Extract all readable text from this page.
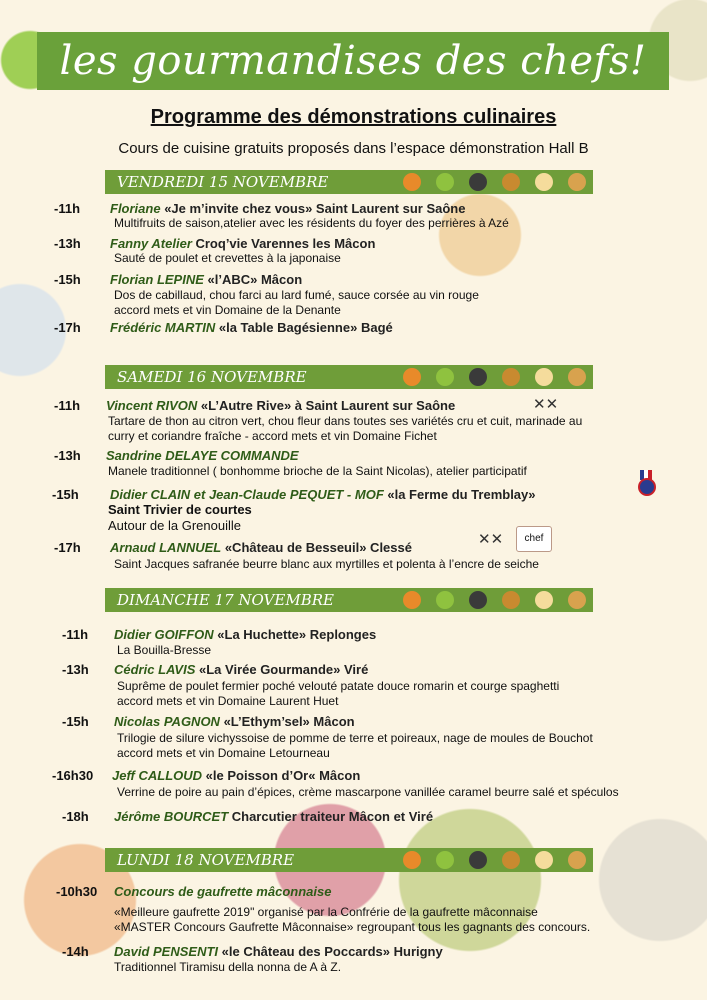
les gourmandises des chefs!
Programme des démonstrations culinaires
Cours de cuisine gratuits proposés dans l’espace démonstration Hall B
VENDREDI 15 NOVEMBRE
SAMEDI 16 NOVEMBRE
DIMANCHE 17 NOVEMBRE
LUNDI 18 NOVEMBRE
-11h Floriane «Je m’invite chez vous» Saint Laurent sur Saône
Multifruits de saison,atelier avec les résidents du foyer des perrières à Azé
-13h Fanny Atelier Croq’vie Varennes les Mâcon
Sauté de poulet et crevettes à la japonaise
-15h Florian LEPINE «l’ABC» Mâcon
Dos de cabillaud, chou farci au lard fumé, sauce corsée au vin rouge
accord mets et vin Domaine de la Denante
-17h Frédéric MARTIN «la Table Bagésienne» Bagé
-11h Vincent RIVON «L’Autre Rive» à Saint Laurent sur Saône	✕✕
Tartare de thon au citron vert, chou fleur dans toutes ses variétés cru et cuit, marinade au
curry et coriandre fraîche - accord mets et vin Domaine Fichet
-13h Sandrine DELAYE COMMANDE
Manele traditionnel ( bonhomme brioche de la Saint Nicolas), atelier participatif
-15h Didier CLAIN et Jean-Claude PEQUET - MOF «la Ferme du Tremblay»
Saint Trivier de courtes
Autour de la Grenouille
-17h Arnaud LANNUEL «Château de Besseuil» Clessé	✕✕	chef
Saint Jacques safranée beurre blanc aux myrtilles et polenta à l’encre de seiche
-11h Didier GOIFFON «La Huchette» Replonges
La Bouilla-Bresse
-13h Cédric LAVIS «La Virée Gourmande» Viré
Suprême de poulet fermier poché velouté patate douce romarin et courge spaghetti
accord mets et vin Domaine Laurent Huet
-15h Nicolas PAGNON «L’Ethym’sel» Mâcon
Trilogie de silure vichyssoise de pomme de terre et poireaux, nage de moules de Bouchot
accord mets et vin Domaine Letourneau
-16h30 Jeff CALLOUD «le Poisson d’Or« Mâcon
Verrine de poire au pain d’épices, crème mascarpone vanillée caramel beurre salé et spéculos
-18h Jérôme BOURCET Charcutier traiteur Mâcon et Viré
-10h30 Concours de gaufrette mâconnaise
«Meilleure gaufrette 2019" organisé par la Confrérie de la gaufrette mâconnaise
«MASTER Concours Gaufrette Mâconnaise» regroupant tous les gagnants des concours.
-14h David PENSENTI «le Château des Poccards» Hurigny
Traditionnel Tiramisu della nonna de A à Z.
